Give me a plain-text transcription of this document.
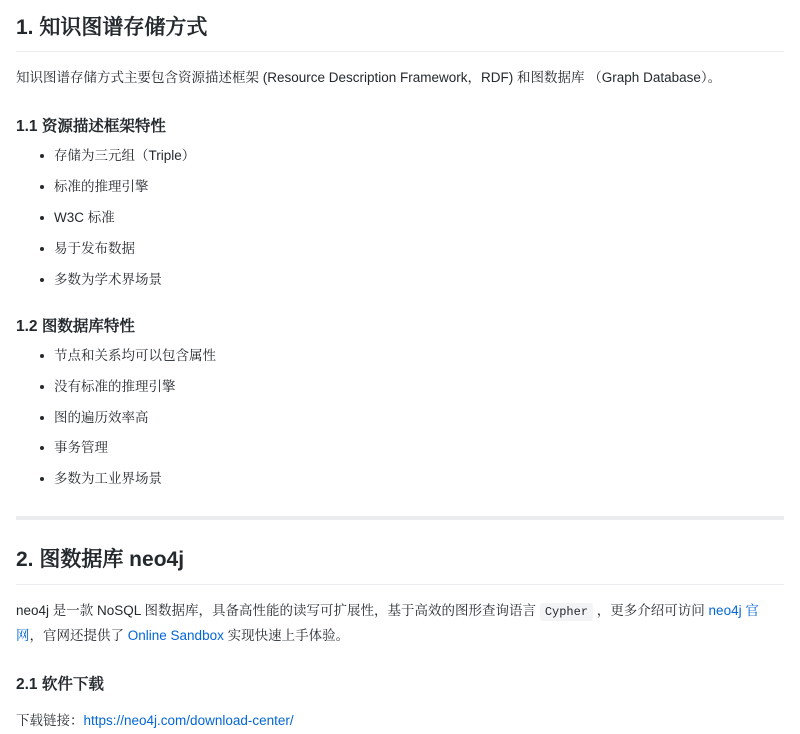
1. 知识图谱存储方式

知识图谱存储方式主要包含资源描述框架 (Resource Description Framework，RDF) 和图数据库 （Graph Database）。

1.1 资源描述框架特性
存储为三元组（Triple）
标准的推理引擎
W3C 标准
易于发布数据
多数为学术界场景
1.2 图数据库特性
节点和关系均可以包含属性
没有标准的推理引擎
图的遍历效率高
事务管理
多数为工业界场景
2. 图数据库 neo4j

neo4j 是一款 NoSQL 图数据库，具备高性能的读写可扩展性，基于高效的图形查询语言 Cypher ，更多介绍可访问 neo4j 官网，官网还提供了 Online Sandbox 实现快速上手体验。

2.1 软件下载

下载链接：https://neo4j.com/download-center/
